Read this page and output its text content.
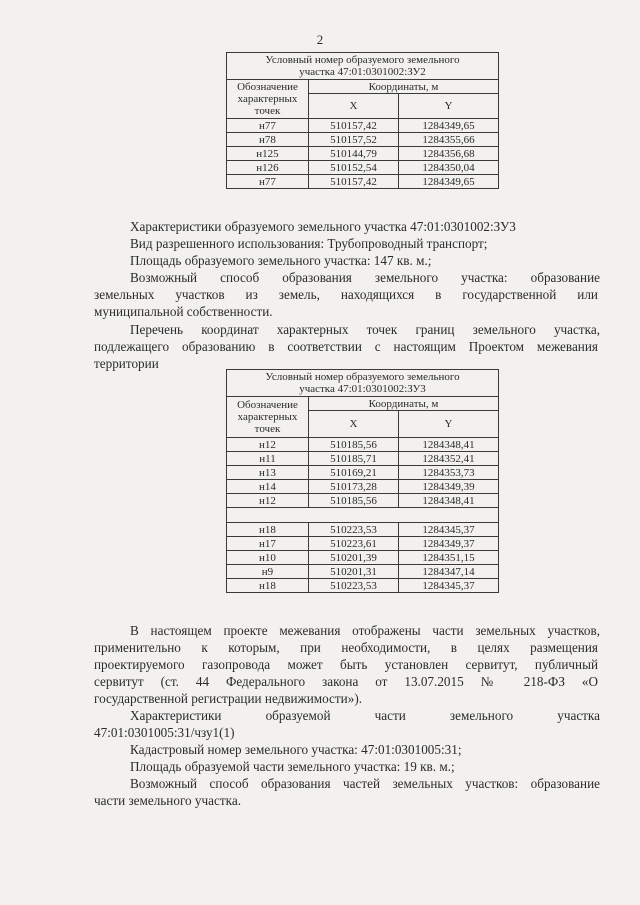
2
Условный номер образуемого земельного участка 47:01:0301002:ЗУ2		
Обозначение характерных точек	Координаты, м	
	X	Y
н77	510157,42	1284349,65
н78	510157,52	1284355,66
н125	510144,79	1284356,68
н126	510152,54	1284350,04
н77	510157,42	1284349,65

Характеристики образуемого земельного участка 47:01:0301002:ЗУ3

Вид разрешенного использования: Трубопроводный транспорт;

Площадь образуемого земельного участка: 147 кв. м.;

Возможный способ образования земельного участка: образование

земельных участков из земель, находящихся в государственной или

муниципальной собственности.

Перечень координат характерных точек границ земельного участка,

подлежащего образованию в соответствии с настоящим Проектом межевания

территории

Условный номер образуемого земельного участка 47:01:0301002:ЗУ3		
Обозначение характерных точек	Координаты, м	
	X	Y
н12	510185,56	1284348,41
н11	510185,71	1284352,41
н13	510169,21	1284353,73
н14	510173,28	1284349,39
н12	510185,56	1284348,41

н18	510223,53	1284345,37
н17	510223,61	1284349,37
н10	510201,39	1284351,15
н9	510201,31	1284347,14
н18	510223,53	1284345,37

В настоящем проекте межевания отображены части земельных участков,

применительно к которым, при необходимости, в целях размещения

проектируемого газопровода может быть установлен сервитут, публичный

сервитут (ст. 44 Федерального закона от 13.07.2015 № 218-ФЗ «О

государственной регистрации недвижимости»).

Характеристики образуемой части земельного участка

47:01:0301005:31/чзу1(1)

Кадастровый номер земельного участка: 47:01:0301005:31;

Площадь образуемой части земельного участка: 19 кв. м.;

Возможный способ образования частей земельных участков: образование

части земельного участка.
